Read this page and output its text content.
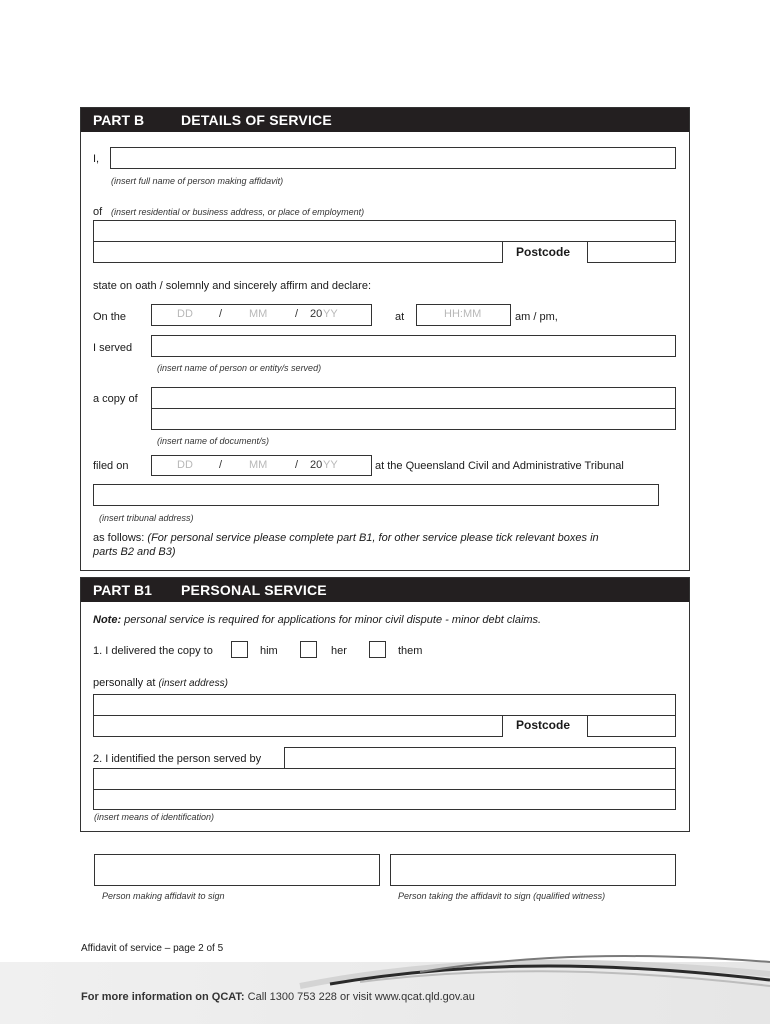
PART B	DETAILS OF SERVICE
I,
(insert full name of person making affidavit)
of (insert residential or business address, or place of employment)
Postcode
state on oath / solemnly and sincerely affirm and declare:
On the	DD / MM	/ 20 YY	at	HH:MM	am / pm,
I served
(insert name of person or entity/s served)
a copy of
(insert name of document/s)
filed on	DD / MM	/ 20 YY	at the Queensland Civil and Administrative Tribunal
(insert tribunal address)
as follows: (For personal service please complete part B1, for other service please tick relevant boxes in
parts B2 and B3)
PART B1 PERSONAL SERVICE
Note: personal service is required for applications for minor civil dispute - minor debt claims.
1. I delivered the copy to	him	her	them
personally at (insert address)
Postcode
2. I identified the person served by
(insert means of identification)
Person making affidavit to sign	Person taking the affidavit to sign (qualified witness)
Affidavit of service – page 2 of 5
For more information on QCAT: Call 1300 753 228 or visit www.qcat.qld.gov.au
